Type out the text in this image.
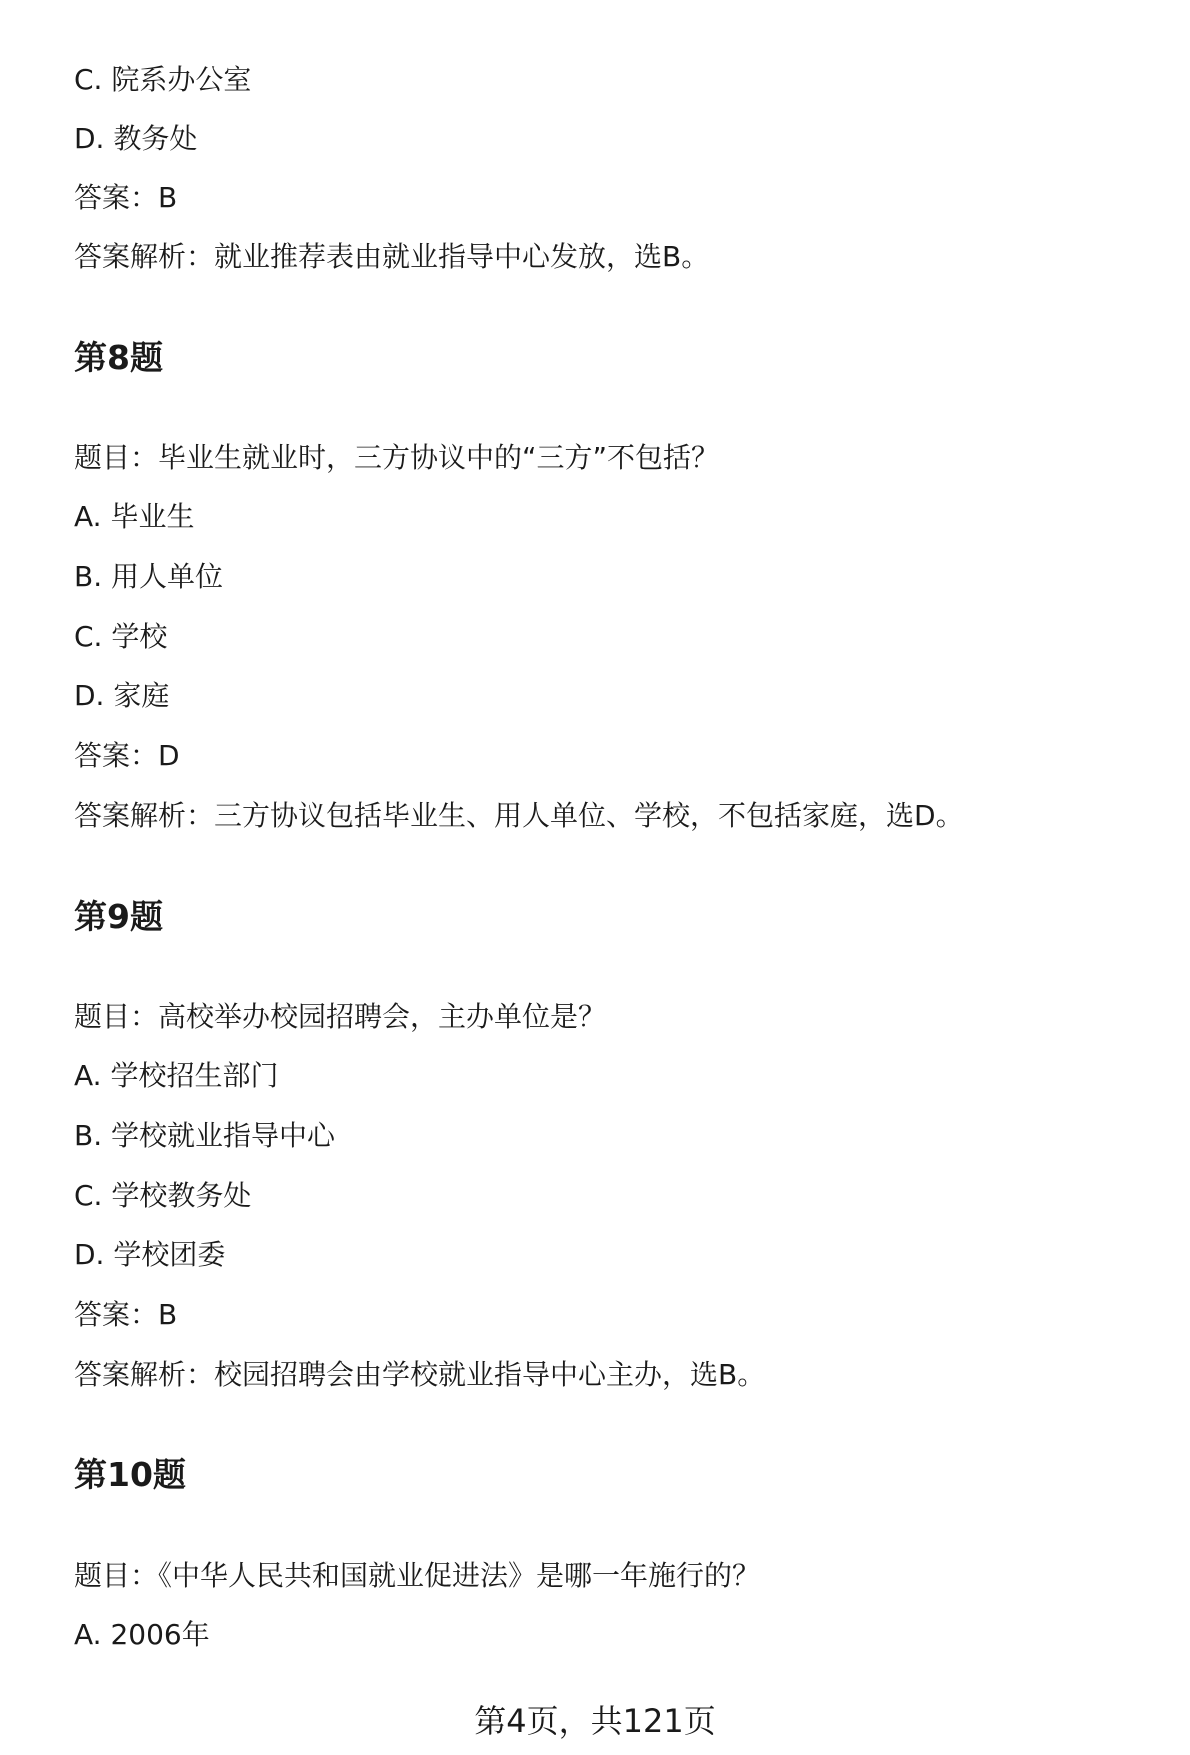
C. 院系办公室
D. 教务处
答案：B
答案解析：就业推荐表由就业指导中心发放，选B。
第8题
题目：毕业生就业时，三方协议中的“三方”不包括？
A. 毕业生
B. 用人单位
C. 学校
D. 家庭
答案：D
答案解析：三方协议包括毕业生、用人单位、学校，不包括家庭，选D。
第9题
题目：高校举办校园招聘会，主办单位是？
A. 学校招生部门
B. 学校就业指导中心
C. 学校教务处
D. 学校团委
答案：B
答案解析：校园招聘会由学校就业指导中心主办，选B。
第10题
题目：《中华人民共和国就业促进法》是哪一年施行的？
A. 2006年
第4页，共121页
